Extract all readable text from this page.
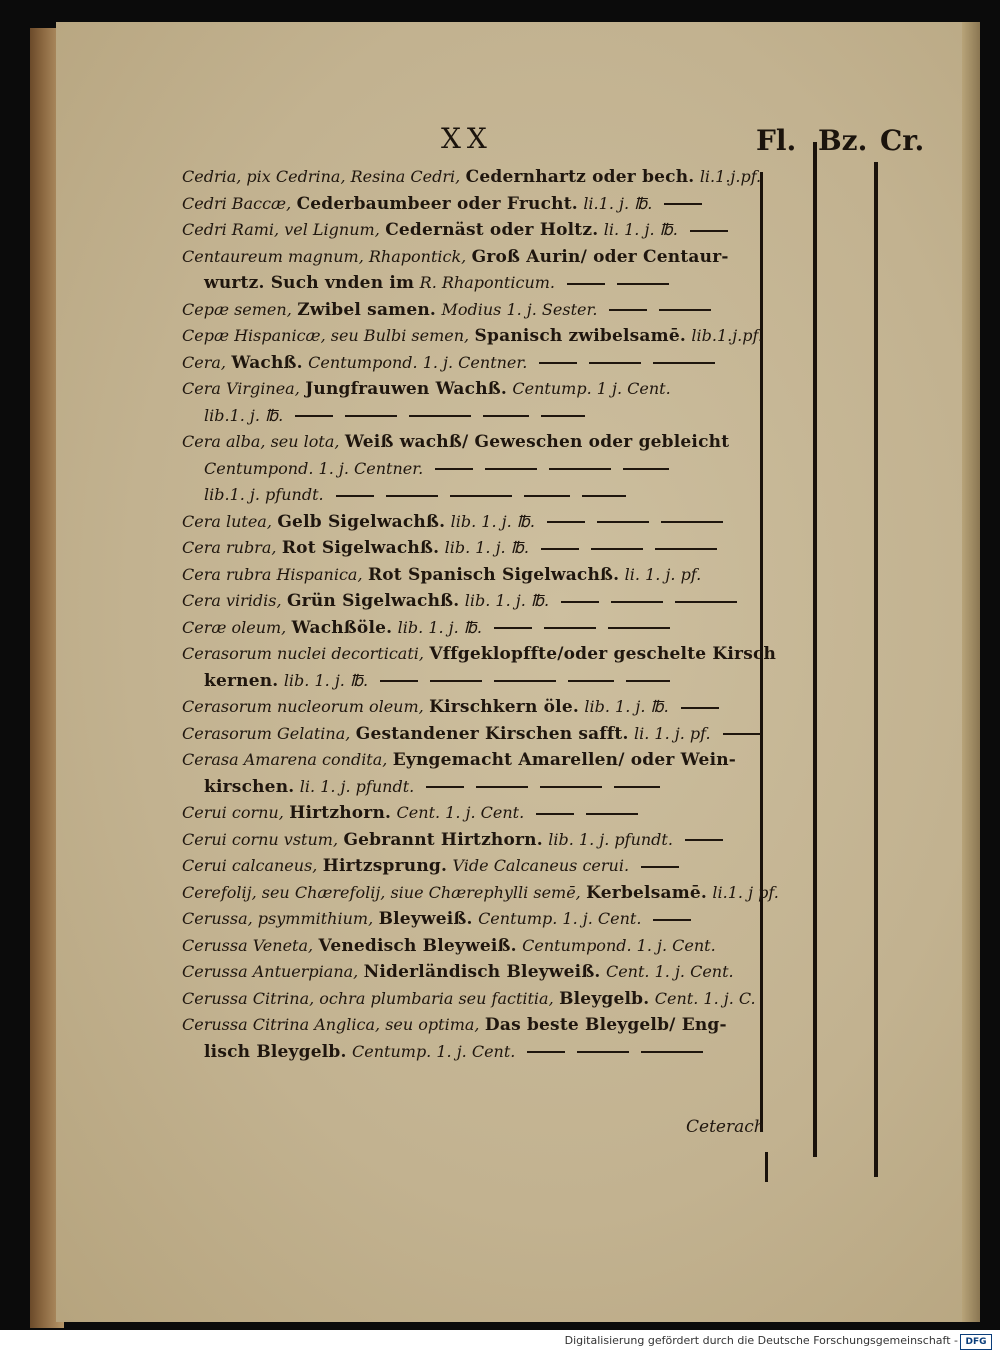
XX	Fl. Bz. Cr.
Cedria, pix Cedrina, Resina Cedri, Cedernhartz oder bech. li.1.j.pf.
Cedri Baccæ, Cederbaumbeer oder Frucht. li.1. j. ℔.
Cedri Rami, vel Lignum, Cedernäst oder Holtz. li. 1. j. ℔.
Centaureum magnum, Rhapontick, Groß Aurin/ oder Centaur-
wurtz. Such vnden im R. Rhaponticum.
Cepæ semen, Zwibel samen. Modius 1. j. Sester.
Cepæ Hispanicæ, seu Bulbi semen, Spanisch zwibelsamē. lib.1.j.pf.
Cera, Wachß. Centumpond. 1. j. Centner.
Cera Virginea, Jungfrauwen Wachß. Centump. 1 j. Cent.
lib.1. j. ℔.
Cera alba, seu lota, Weiß wachß/ Geweschen oder gebleicht
Centumpond. 1. j. Centner.
lib.1. j. pfundt.
Cera lutea, Gelb Sigelwachß. lib. 1. j. ℔.
Cera rubra, Rot Sigelwachß. lib. 1. j. ℔.
Cera rubra Hispanica, Rot Spanisch Sigelwachß. li. 1. j. pf.
Cera viridis, Grün Sigelwachß. lib. 1. j. ℔.
Ceræ oleum, Wachßöle. lib. 1. j. ℔.
Cerasorum nuclei decorticati, Vffgeklopffte/oder geschelte Kirsch
kernen. lib. 1. j. ℔.
Cerasorum nucleorum oleum, Kirschkern öle. lib. 1. j. ℔.
Cerasorum Gelatina, Gestandener Kirschen safft. li. 1. j. pf.
Cerasa Amarena condita, Eyngemacht Amarellen/ oder Wein-
kirschen. li. 1. j. pfundt.
Cerui cornu, Hirtzhorn. Cent. 1. j. Cent.
Cerui cornu vstum, Gebrannt Hirtzhorn. lib. 1. j. pfundt.
Cerui calcaneus, Hirtzsprung. Vide Calcaneus cerui.
Cerefolij, seu Chærefolij, siue Chærephylli semē, Kerbelsamē. li.1. j pf.
Cerussa, psymmithium, Bleyweiß. Centump. 1. j. Cent.
Cerussa Veneta, Venedisch Bleyweiß. Centumpond. 1. j. Cent.
Cerussa Antuerpiana, Niderländisch Bleyweiß. Cent. 1. j. Cent.
Cerussa Citrina, ochra plumbaria seu factitia, Bleygelb. Cent. 1. j. C.
Cerussa Citrina Anglica, seu optima, Das beste Bleygelb/ Eng-
lisch Bleygelb. Centump. 1. j. Cent.
Ceterach
Digitalisierung gefördert durch die Deutsche Forschungsgemeinschaft - DFG
